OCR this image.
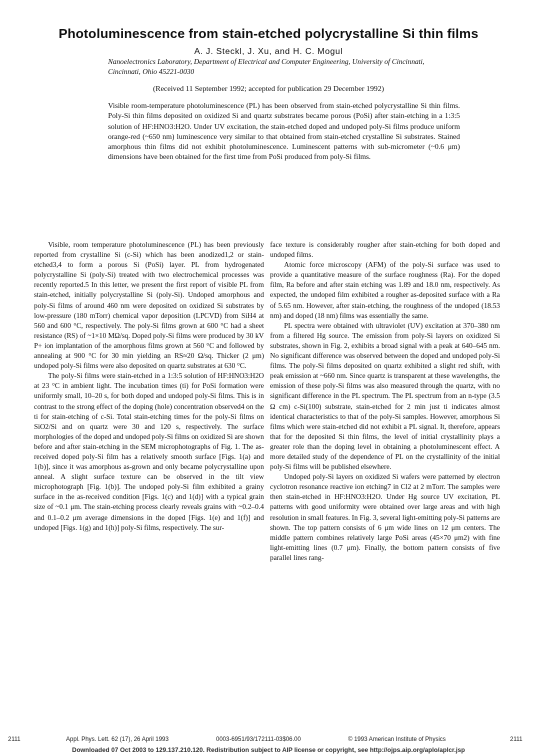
Photoluminescence from stain-etched polycrystalline Si thin films
A. J. Steckl, J. Xu, and H. C. Mogul
Nanoelectronics Laboratory, Department of Electrical and Computer Engineering, University of Cincinnati, Cincinnati, Ohio 45221-0030
(Received 11 September 1992; accepted for publication 29 December 1992)
Visible room-temperature photoluminescence (PL) has been observed from stain-etched polycrystalline Si thin films. Poly-Si thin films deposited on oxidized Si and quartz substrates became porous (PoSi) after stain-etching in a 1:3:5 solution of HF:HNO3:H2O. Under UV excitation, the stain-etched doped and undoped poly-Si films produce uniform orange-red (~650 nm) luminescence very similar to that obtained from stain-etched crystalline Si substrates. Stained amorphous thin films did not exhibit photoluminescence. Luminescent patterns with sub-micrometer (~0.6 μm) dimensions have been obtained for the first time from PoSi produced from poly-Si films.

Visible, room temperature photoluminescence (PL) has been previously reported from crystalline Si (c-Si) which has been anodized1,2 or stain-etched3,4 to form a porous Si (PoSi) layer. PL from hydrogenated polycrystalline Si (poly-Si) treated with two electrochemical processes was recently reported.5 In this letter, we present the first report of visible PL from stain-etched, initially polycrystalline Si (poly-Si). Undoped amorphous and poly-Si films of around 460 nm were deposited on oxidized Si substrates by low-pressure (180 mTorr) chemical vapor deposition (LPCVD) from SiH4 at 560 and 600 °C, respectively. The poly-Si films grown at 600 °C had a sheet resistance (RS) of ~1×10 MΩ/sq. Doped poly-Si films were produced by 30 kV P+ ion implantation of the amorphous films grown at 560 °C and followed by annealing at 900 °C for 30 min yielding an RS≈20 Ω/sq. Thicker (2 μm) undoped poly-Si films were also deposited on quartz substrates at 630 °C.

The poly-Si films were stain-etched in a 1:3:5 solution of HF:HNO3:H2O at 23 °C in ambient light. The incubation times (ti) for PoSi formation were uniformly small, 10–20 s, for both doped and undoped poly-Si films. This is in contrast to the strong effect of the doping (hole) concentration observed4 on the ti for stain-etching of c-Si. Total stain-etching times for the poly-Si films on SiO2/Si and on quartz were 30 and 120 s, respectively. The surface morphologies of the doped and undoped poly-Si films on oxidized Si are shown before and after stain-etching in the SEM microphotographs of Fig. 1. The as-received doped poly-Si film has a relatively smooth surface [Figs. 1(a) and 1(b)], since it was amorphous as-grown and only became polycrystalline upon anneal. A slight surface texture can be observed in the tilt view microphotograph [Fig. 1(b)]. The undoped poly-Si film exhibited a grainy surface in the as-received condition [Figs. 1(c) and 1(d)] with a typical grain size of ~0.1 μm. The stain-etching process clearly reveals grains with ~0.2–0.4 and 0.1–0.2 μm average dimensions in the doped [Figs. 1(e) and 1(f)] and undoped [Figs. 1(g) and 1(h)] poly-Si films, respectively. The sur-

face texture is considerably rougher after stain-etching for both doped and undoped films.

Atomic force microscopy (AFM) of the poly-Si surface was used to provide a quantitative measure of the surface roughness (Ra). For the doped film, Ra before and after stain etching was 1.89 and 18.0 nm, respectively. As expected, the undoped film exhibited a rougher as-deposited surface with a Ra of 5.65 nm. However, after stain-etching, the roughness of the undoped (18.53 nm) and doped (18 nm) films was essentially the same.

PL spectra were obtained with ultraviolet (UV) excitation at 370–380 nm from a filtered Hg source. The emission from poly-Si layers on oxidized Si substrates, shown in Fig. 2, exhibits a broad signal with a peak at 640–645 nm. No significant difference was observed between the doped and undoped poly-Si films. The poly-Si films deposited on quartz exhibited a slight red shift, with peak emission at ~660 nm. Since quartz is transparent at these wavelengths, the emission of these poly-Si films was also measured through the quartz, with no significant difference in the PL spectrum. The PL spectrum from an n-type (3.5 Ω cm) c-Si(100) substrate, stain-etched for 2 min just ti indicates almost identical characteristics to that of the poly-Si samples. However, amorphous Si films which were stain-etched did not exhibit a PL signal. It, therefore, appears that for the deposited Si thin films, the level of initial crystallinity plays a greater role than the doping level in obtaining a photoluminescent effect. A more detailed study of the dependence of PL on the crystallinity of the initial poly-Si films will be published elsewhere.

Undoped poly-Si layers on oxidized Si wafers were patterned by electron cyclotron resonance reactive ion etching7 in Cl2 at 2 mTorr. The samples were then stain-etched in HF:HNO3:H2O. Under Hg source UV excitation, PL patterns with good uniformity were obtained over large areas and with high resolution in small features. In Fig. 3, several light-emitting poly-Si patterns are shown. The top pattern consists of 6 μm wide lines on 12 μm centers. The middle pattern combines relatively large PoSi areas (45×70 μm2) with fine light-emitting lines (0.7 μm). Finally, the bottom pattern consists of five parallel lines rang-

2111	Appl. Phys. Lett. 62 (17), 26 April 1993	0003-6951/93/172111-03$06.00	© 1993 American Institute of Physics	2111
Downloaded 07 Oct 2003 to 129.137.210.120. Redistribution subject to AIP license or copyright, see http://ojps.aip.org/aplo/aplcr.jsp
